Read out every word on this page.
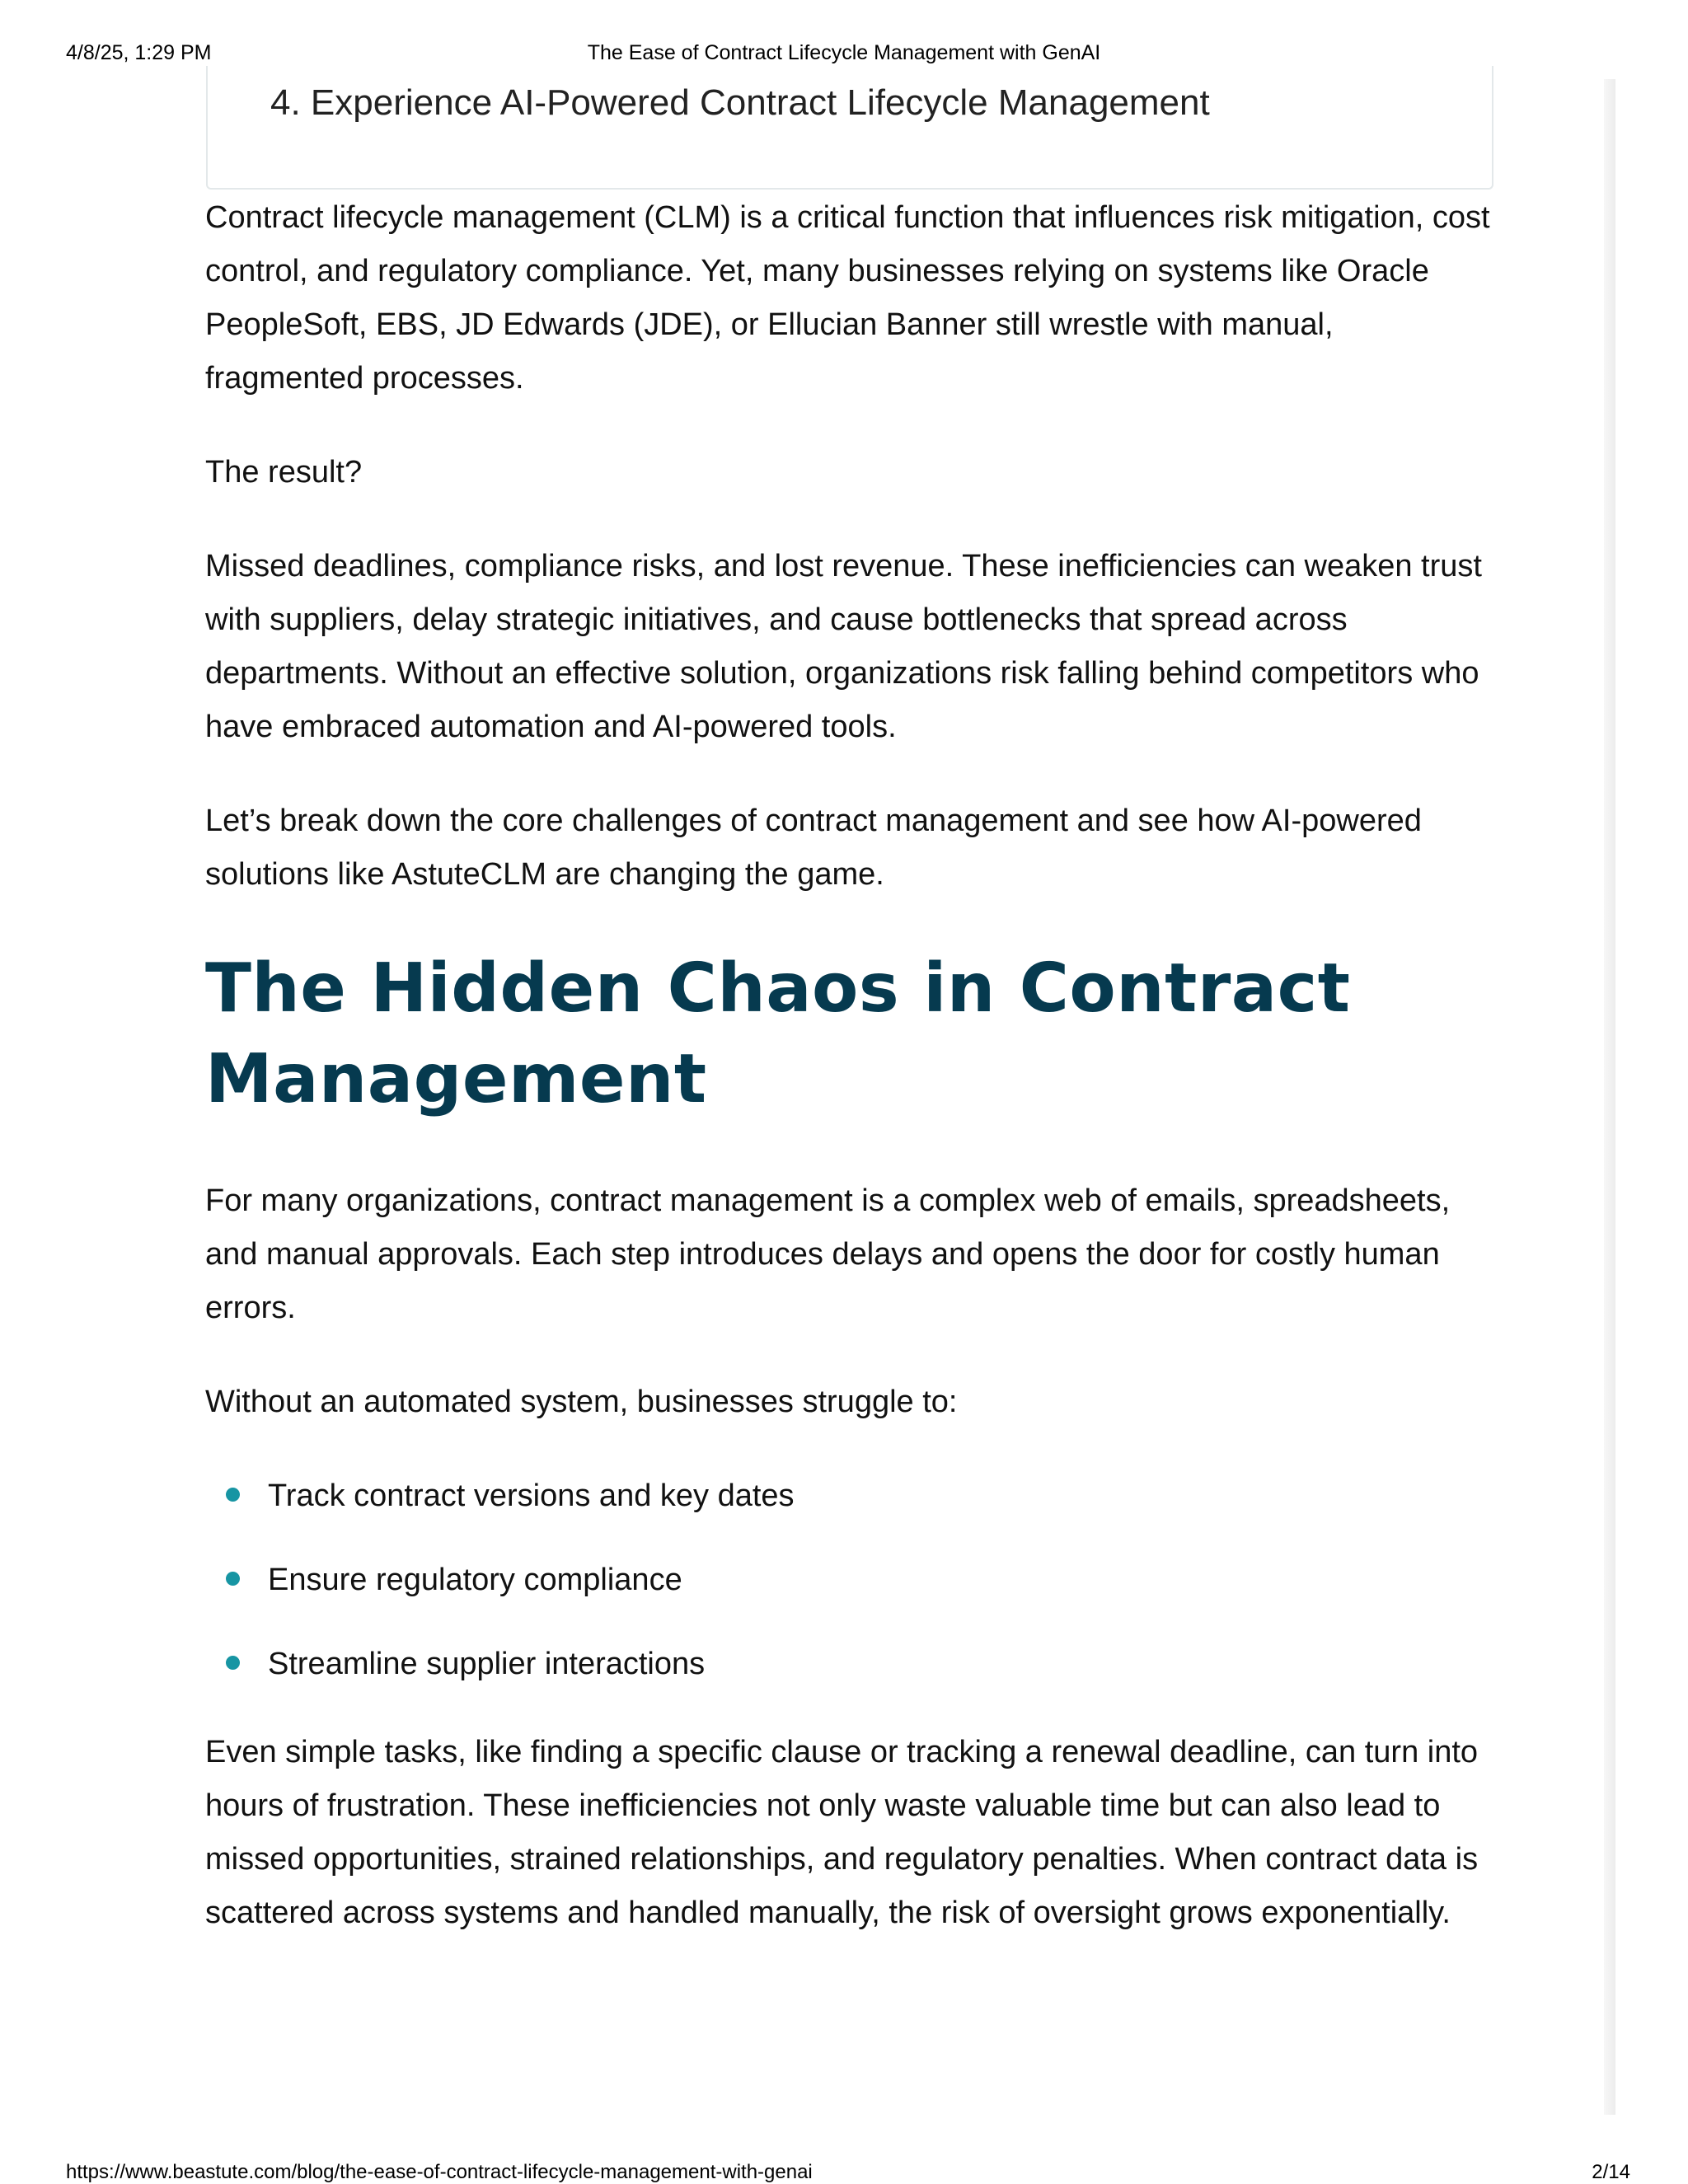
4/8/25, 1:29 PM	The Ease of Contract Lifecycle Management with GenAI
4. Experience AI-Powered Contract Lifecycle Management

Contract lifecycle management (CLM) is a critical function that influences risk mitigation, cost control, and regulatory compliance. Yet, many businesses relying on systems like Oracle PeopleSoft, EBS, JD Edwards (JDE), or Ellucian Banner still wrestle with manual, fragmented processes.

The result?

Missed deadlines, compliance risks, and lost revenue. These inefficiencies can weaken trust with suppliers, delay strategic initiatives, and cause bottlenecks that spread across departments. Without an effective solution, organizations risk falling behind competitors who have embraced automation and AI-powered tools.

Let’s break down the core challenges of contract management and see how AI-powered solutions like AstuteCLM are changing the game.

The Hidden Chaos in Contract Management

For many organizations, contract management is a complex web of emails, spreadsheets, and manual approvals. Each step introduces delays and opens the door for costly human errors.

Without an automated system, businesses struggle to:

Track contract versions and key dates
Ensure regulatory compliance
Streamline supplier interactions

Even simple tasks, like finding a specific clause or tracking a renewal deadline, can turn into hours of frustration. These inefficiencies not only waste valuable time but can also lead to missed opportunities, strained relationships, and regulatory penalties. When contract data is scattered across systems and handled manually, the risk of oversight grows exponentially.

https://www.beastute.com/blog/the-ease-of-contract-lifecycle-management-with-genai	2/14
